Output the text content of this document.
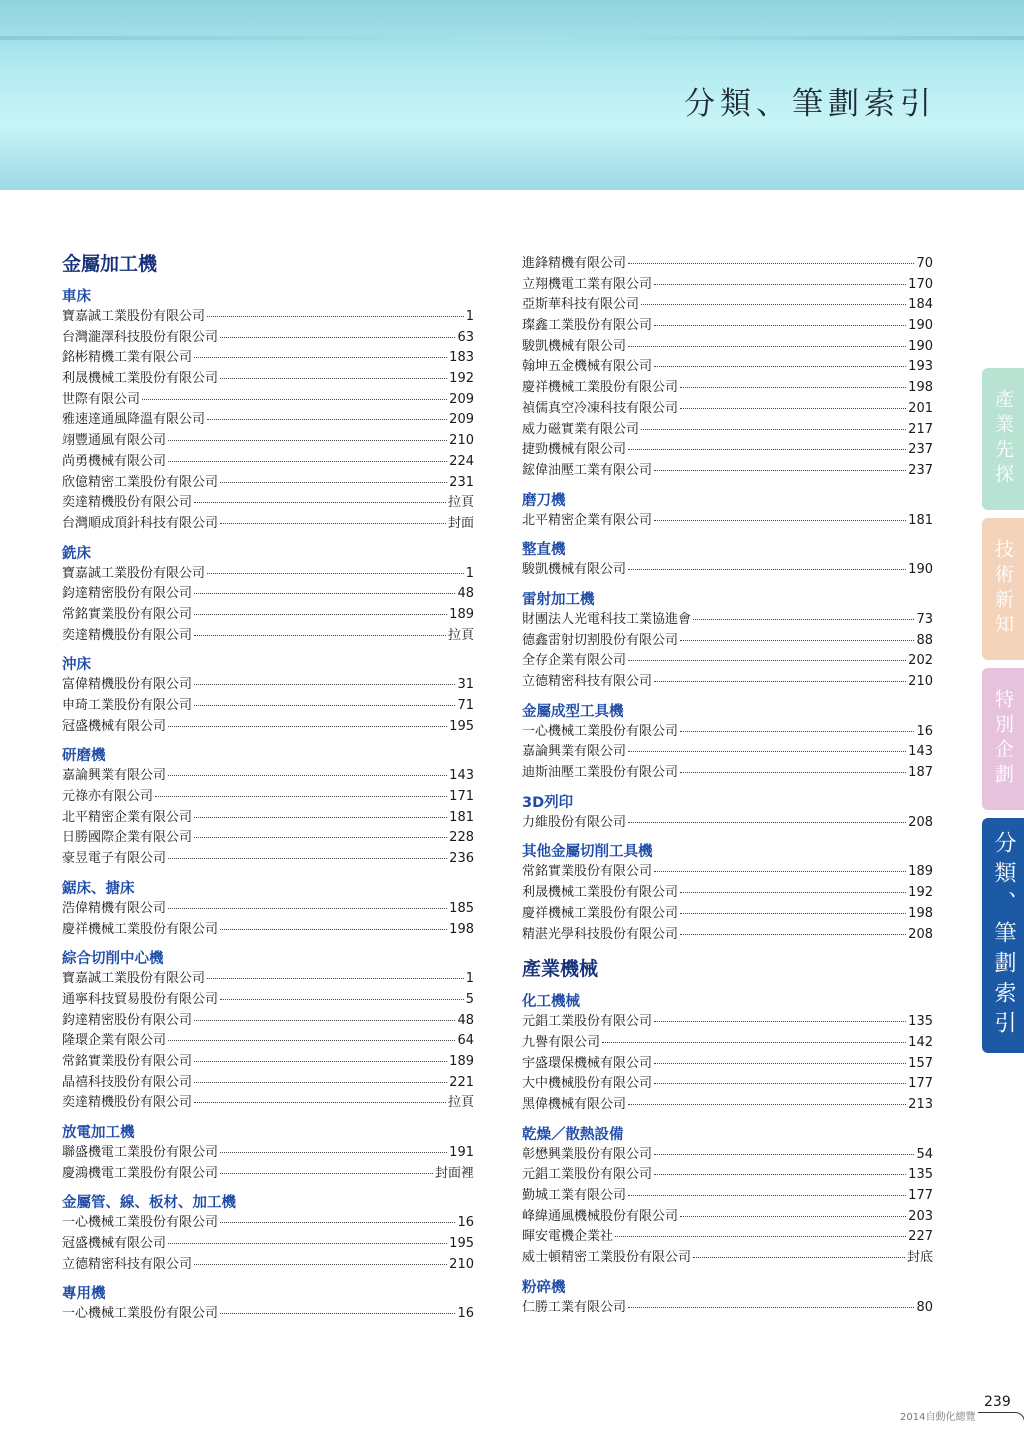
分類、筆劃索引
金屬加工機
車床
寶嘉誠工業股份有限公司	1
台灣瀧澤科技股份有限公司	63
銘彬精機工業有限公司	183
利晟機械工業股份有限公司	192
世際有限公司	209
雅速達通風降溫有限公司	209
翊豐通風有限公司	210
尚勇機械有限公司	224
欣億精密工業股份有限公司	231
奕達精機股份有限公司	拉頁
台灣順成頂針科技有限公司	封面
銑床
寶嘉誠工業股份有限公司	1
鈞達精密股份有限公司	48
常銘實業股份有限公司	189
奕達精機股份有限公司	拉頁
沖床
富偉精機股份有限公司	31
申琦工業股份有限公司	71
冠盛機械有限公司	195
研磨機
嘉論興業有限公司	143
元祿亦有限公司	171
北平精密企業有限公司	181
日勝國際企業有限公司	228
豪昱電子有限公司	236
鋸床、搪床
浩偉精機有限公司	185
慶祥機械工業股份有限公司	198
綜合切削中心機
寶嘉誠工業股份有限公司	1
通寧科技貿易股份有限公司	5
鈞達精密股份有限公司	48
隆環企業有限公司	64
常銘實業股份有限公司	189
晶禧科技股份有限公司	221
奕達精機股份有限公司	拉頁
放電加工機
聯盛機電工業股份有限公司	191
慶鴻機電工業股份有限公司	封面裡
金屬管、線、板材、加工機
一心機械工業股份有限公司	16
冠盛機械有限公司	195
立德精密科技有限公司	210
專用機
一心機械工業股份有限公司	16
進鋒精機有限公司	70
立翔機電工業有限公司	170
亞斯華科技有限公司	184
璨鑫工業股份有限公司	190
駿凱機械有限公司	190
翰坤五金機械有限公司	193
慶祥機械工業股份有限公司	198
禎儒真空冷凍科技有限公司	201
威力磁實業有限公司	217
捷勁機械有限公司	237
鋐偉油壓工業有限公司	237
磨刀機
北平精密企業有限公司	181
整直機
駿凱機械有限公司	190
雷射加工機
財團法人光電科技工業協進會	73
德鑫雷射切割股份有限公司	88
全存企業有限公司	202
立德精密科技有限公司	210
金屬成型工具機
一心機械工業股份有限公司	16
嘉論興業有限公司	143
迪斯油壓工業股份有限公司	187
3D列印
力維股份有限公司	208
其他金屬切削工具機
常銘實業股份有限公司	189
利晟機械工業股份有限公司	192
慶祥機械工業股份有限公司	198
精湛光學科技股份有限公司	208
產業機械
化工機械
元錩工業股份有限公司	135
九譽有限公司	142
宇盛環保機械有限公司	157
大中機械股份有限公司	177
黑偉機械有限公司	213
乾燥／散熱設備
彰懋興業股份有限公司	54
元錩工業股份有限公司	135
勤城工業有限公司	177
峰緯通風機械股份有限公司	203
暉安電機企業社	227
威士頓精密工業股份有限公司	封底
粉碎機
仁勝工業有限公司	80
產業先探
技術新知
特別企劃
分類、筆劃索引
2014自動化總覽
239
